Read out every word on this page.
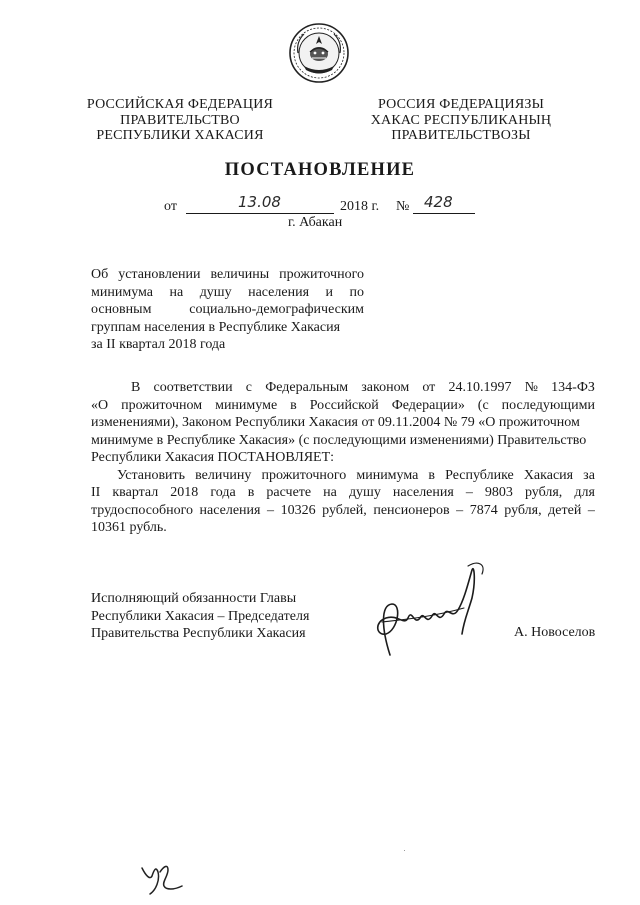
РОССИЙСКАЯ ФЕДЕРАЦИЯ
ПРАВИТЕЛЬСТВО
РЕСПУБЛИКИ ХАКАСИЯ
РОССИЯ ФЕДЕРАЦИЯЗЫ
ХАКАС РЕСПУБЛИКАНЫҢ
ПРАВИТЕЛЬСТВОЗЫ
ПОСТАНОВЛЕНИЕ
от	13.08	2018 г. № 428
г. Абакан
Об установлении величины прожиточного
минимума на душу населения и по
основным	социально-демографическим
группам населения в Республике Хакасия
за II квартал 2018 года
В соответствии с Федеральным законом от 24.10.1997 № 134-ФЗ
«О прожиточном минимуме в Российской Федерации» (с последующими
изменениями), Законом Республики Хакасия от 09.11.2004 № 79 «О прожиточном
минимуме в Республике Хакасия» (с последующими изменениями) Правительство
Республики Хакасия ПОСТАНОВЛЯЕТ:
Установить величину прожиточного минимума в Республике Хакасия за
II квартал 2018 года в расчете на душу населения – 9803 рубля, для
трудоспособного населения – 10326 рублей, пенсионеров – 7874 рубля, детей –
10361 рубль.
Исполняющий обязанности Главы
Республики Хакасия – Председателя
Правительства Республики Хакасия	А. Новоселов
